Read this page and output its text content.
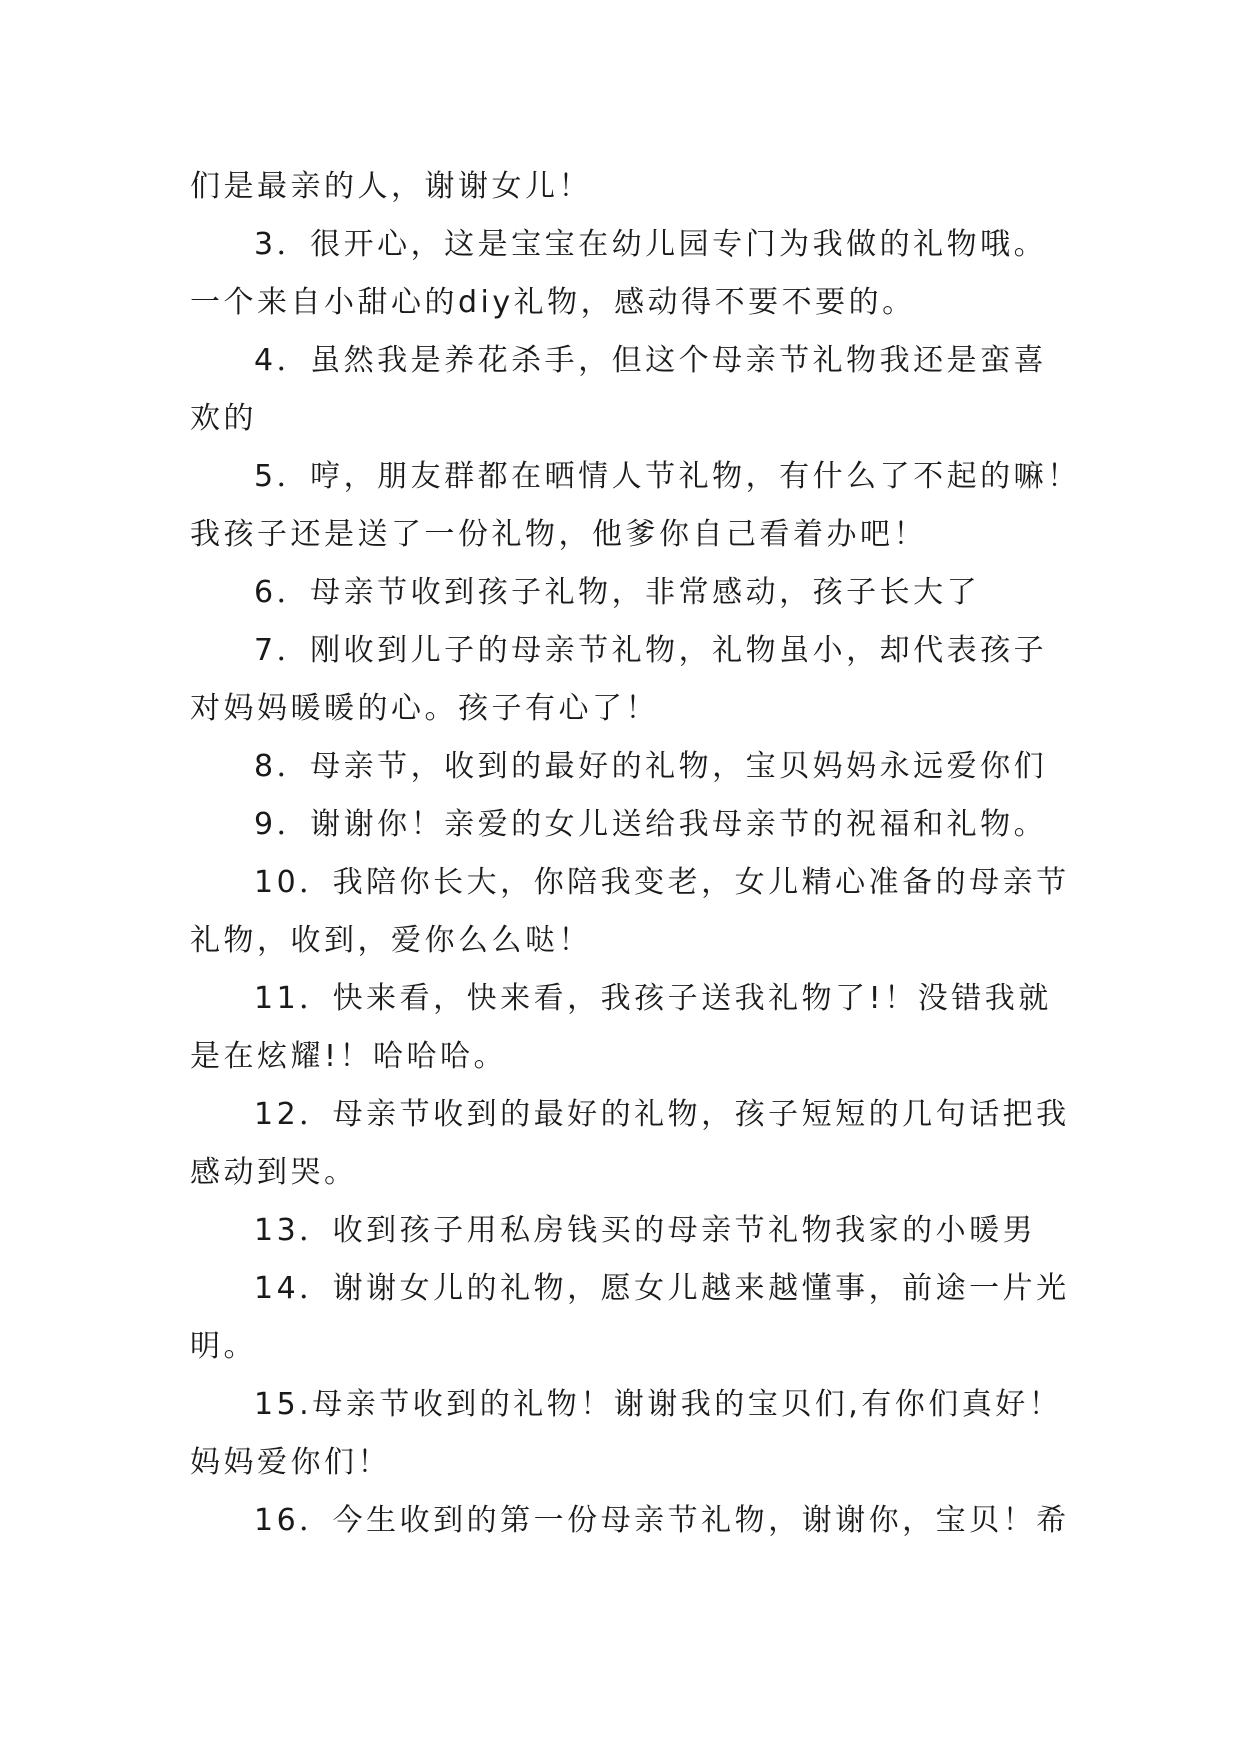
们是最亲的人，谢谢女儿！
3．很开心，这是宝宝在幼儿园专门为我做的礼物哦。
一个来自小甜心的diy礼物，感动得不要不要的。
4．虽然我是养花杀手，但这个母亲节礼物我还是蛮喜
欢的
5．哼，朋友群都在晒情人节礼物，有什么了不起的嘛！
我孩子还是送了一份礼物，他爹你自己看着办吧！
6．母亲节收到孩子礼物，非常感动，孩子长大了
7．刚收到儿子的母亲节礼物，礼物虽小，却代表孩子
对妈妈暖暖的心。孩子有心了！
8．母亲节，收到的最好的礼物，宝贝妈妈永远爱你们
9．谢谢你！亲爱的女儿送给我母亲节的祝福和礼物。
10．我陪你长大，你陪我变老，女儿精心准备的母亲节
礼物，收到，爱你么么哒！
11．快来看，快来看，我孩子送我礼物了!！没错我就
是在炫耀!！哈哈哈。
12．母亲节收到的最好的礼物，孩子短短的几句话把我
感动到哭。
13．收到孩子用私房钱买的母亲节礼物我家的小暖男
14．谢谢女儿的礼物，愿女儿越来越懂事，前途一片光
明。
15.母亲节收到的礼物！谢谢我的宝贝们,有你们真好！
妈妈爱你们！
16．今生收到的第一份母亲节礼物，谢谢你，宝贝！希
